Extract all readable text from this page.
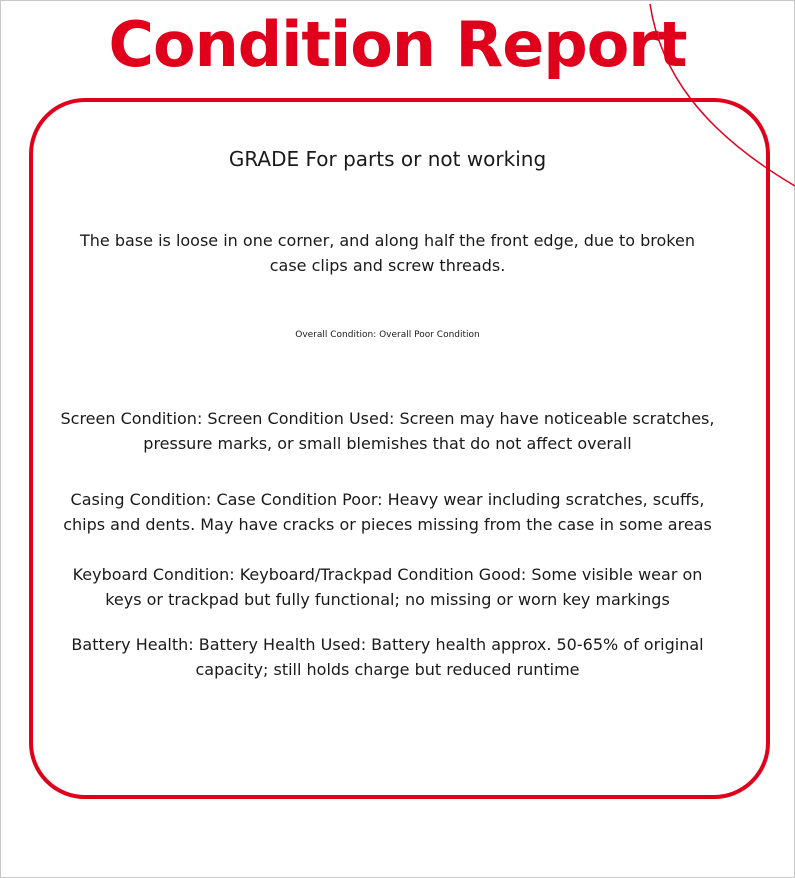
Condition Report

GRADE For parts or not working

The base is loose in one corner, and along half the front edge, due to broken case clips and screw threads.

Overall Condition: Overall Poor Condition

Screen Condition: Screen Condition Used: Screen may have noticeable scratches, pressure marks, or small blemishes that do not affect overall

Casing Condition: Case Condition Poor: Heavy wear including scratches, scuffs, chips and dents. May have cracks or pieces missing from the case in some areas

Keyboard Condition: Keyboard/Trackpad Condition Good: Some visible wear on keys or trackpad but fully functional; no missing or worn key markings

Battery Health: Battery Health Used: Battery health approx. 50-65% of original capacity; still holds charge but reduced runtime
